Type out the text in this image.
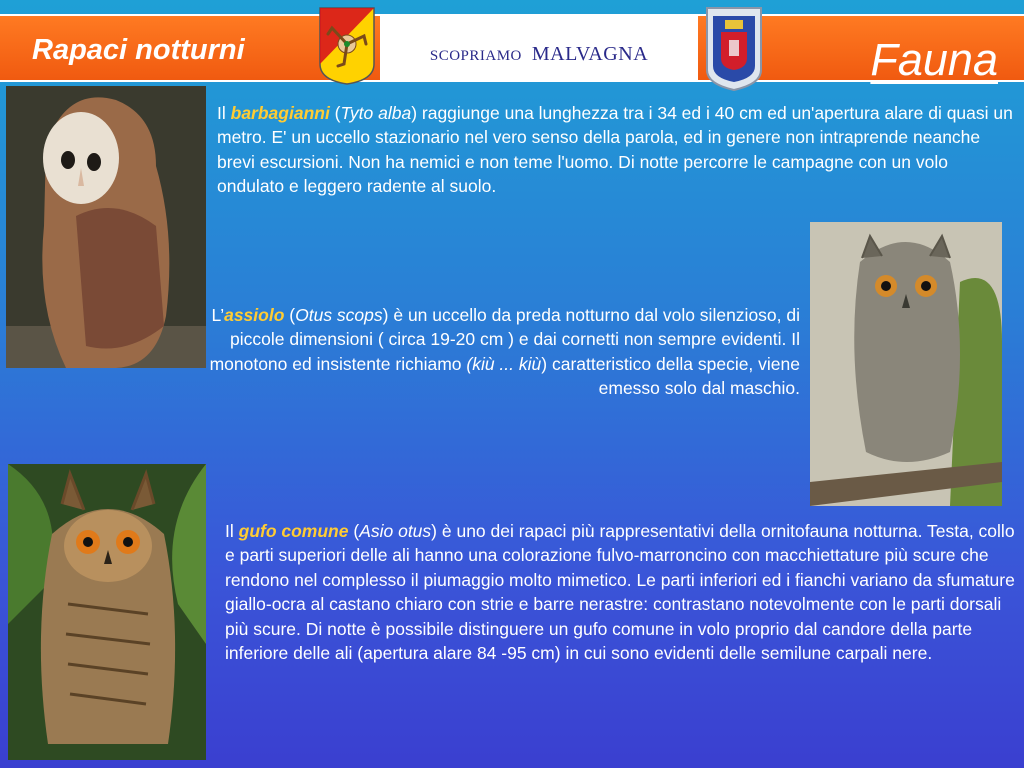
Rapaci notturni	SCOPRIAMO MALVAGNA	Fauna
Il barbagianni (Tyto alba) raggiunge una lunghezza tra i 34 ed i 40 cm ed un'apertura alare di quasi un metro. E' un uccello stazionario nel vero senso della parola, ed in genere non intraprende neanche brevi escursioni. Non ha nemici e non teme l'uomo. Di notte percorre le campagne con un volo ondulato e leggero radente al suolo.
L’assiolo (Otus scops) è un uccello da preda notturno dal volo silenzioso, di piccole dimensioni ( circa 19-20 cm ) e dai cornetti non sempre evidenti. Il monotono ed insistente richiamo (kiù ... kiù) caratteristico della specie, viene emesso solo dal maschio.
Il gufo comune (Asio otus) è uno dei rapaci più rappresentativi della ornitofauna notturna. Testa, collo e parti superiori delle ali hanno una colorazione fulvo-marroncino con macchiettature più scure che rendono nel complesso il piumaggio molto mimetico. Le parti inferiori ed i fianchi variano da sfumature giallo-ocra al castano chiaro con strie e barre nerastre: contrastano notevolmente con le parti dorsali più scure. Di notte è possibile distinguere un gufo comune in volo proprio dal candore della parte inferiore delle ali (apertura alare 84 -95 cm) in cui sono evidenti delle semilune carpali nere.
